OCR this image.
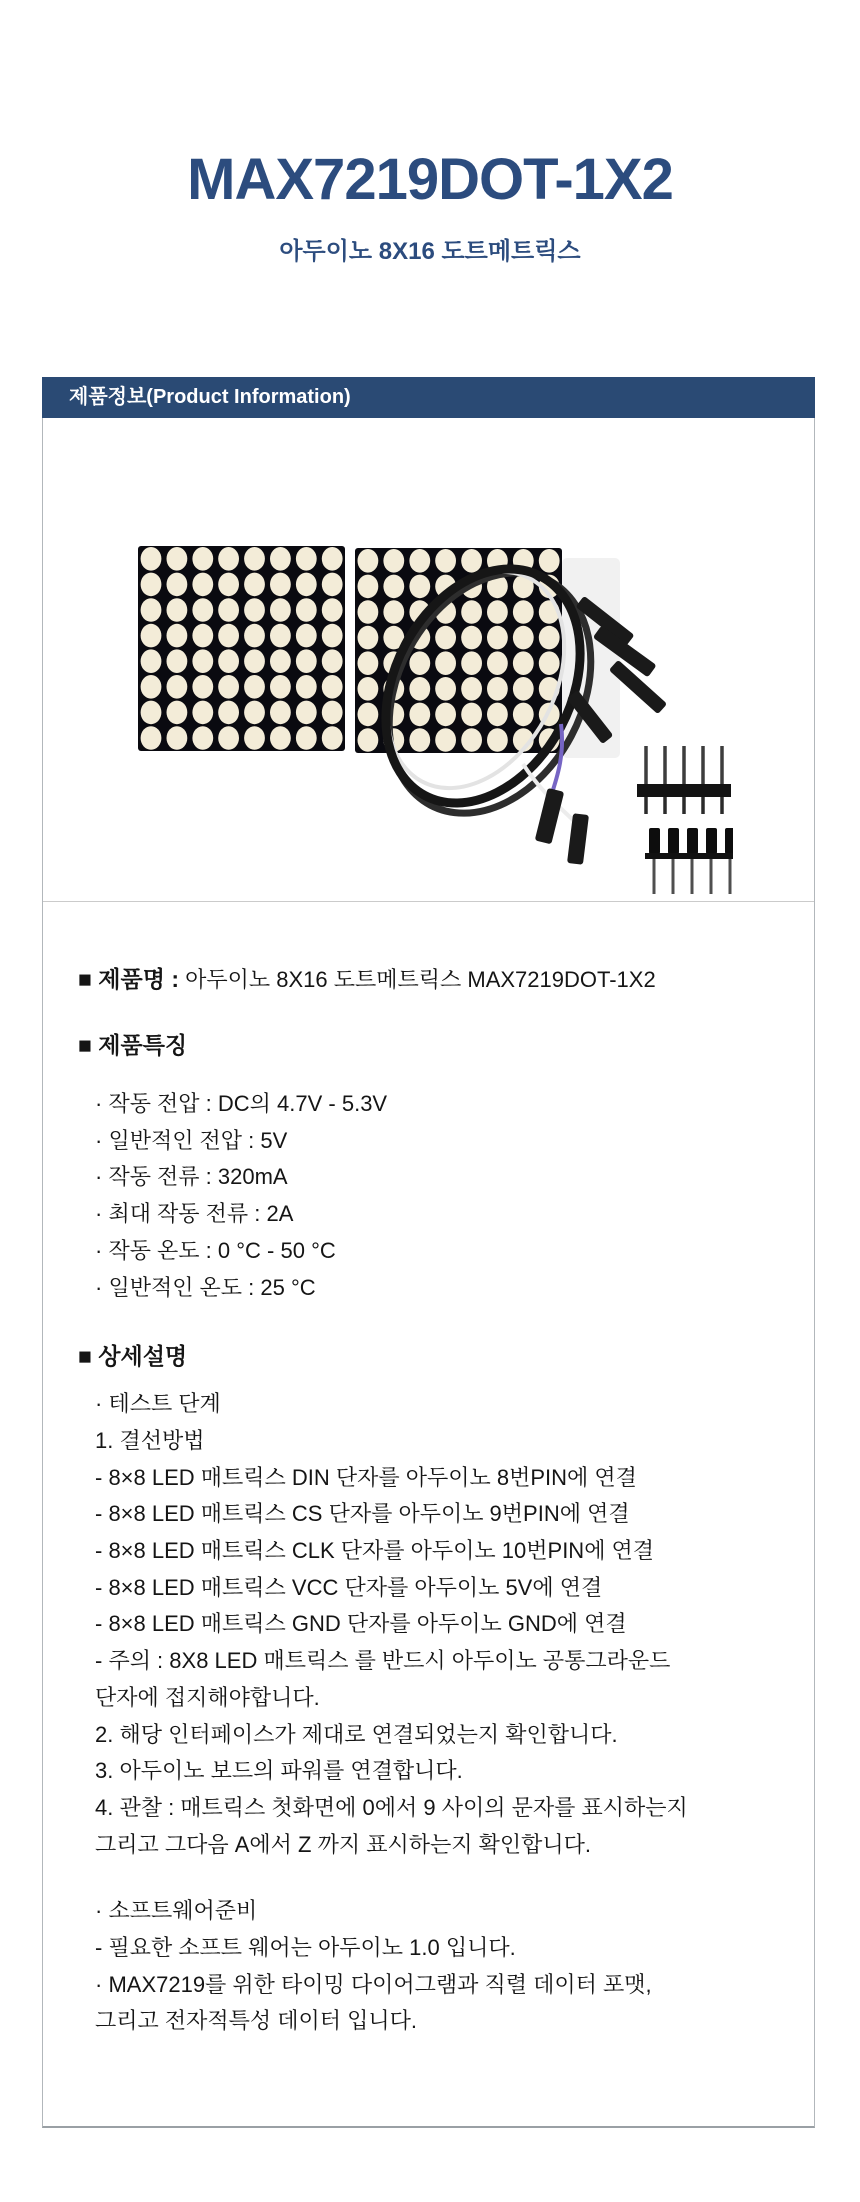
MAX7219DOT-1X2
아두이노 8X16 도트메트릭스
제품정보(Product Information)

■ 제품명 : 아두이노 8X16 도트메트릭스 MAX7219DOT-1X2

■ 제품특징
· 작동 전압 : DC의 4.7V - 5.3V
· 일반적인 전압 : 5V
· 작동 전류 : 320mA
· 최대 작동 전류 : 2A
· 작동 온도 : 0 °C - 50 °C
· 일반적인 온도 : 25 °C
■ 상세설명
· 테스트 단계
1. 결선방법
- 8×8 LED 매트릭스 DIN 단자를 아두이노 8번PIN에 연결
- 8×8 LED 매트릭스 CS 단자를 아두이노 9번PIN에 연결
- 8×8 LED 매트릭스 CLK 단자를 아두이노 10번PIN에 연결
- 8×8 LED 매트릭스 VCC 단자를 아두이노 5V에 연결
- 8×8 LED 매트릭스 GND 단자를 아두이노 GND에 연결
- 주의 : 8X8 LED 매트릭스 를 반드시 아두이노 공통그라운드
단자에 접지해야합니다.
2. 해당 인터페이스가 제대로 연결되었는지 확인합니다.
3. 아두이노 보드의 파워를 연결합니다.
4. 관찰 : 매트릭스 첫화면에 0에서 9 사이의 문자를 표시하는지
그리고 그다음 A에서 Z 까지 표시하는지 확인합니다.
· 소프트웨어준비
- 필요한 소프트 웨어는 아두이노 1.0 입니다.
· MAX7219를 위한 타이밍 다이어그램과 직렬 데이터 포맷,
그리고 전자적특성 데이터 입니다.
